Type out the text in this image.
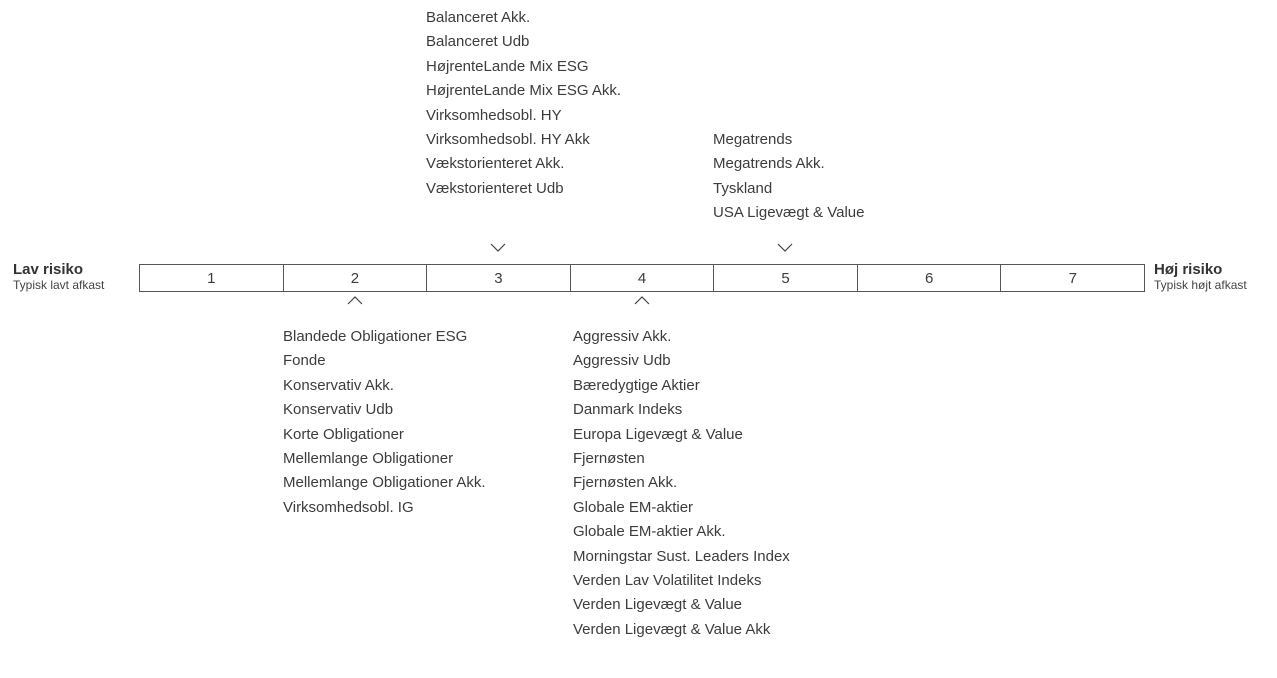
Balanceret Akk.
Balanceret Udb
HøjrenteLande Mix ESG
HøjrenteLande Mix ESG Akk.
Virksomhedsobl. HY
Virksomhedsobl. HY Akk
Vækstorienteret Akk.
Vækstorienteret Udb
Megatrends
Megatrends Akk.
Tyskland
USA Ligevægt & Value
Lav risiko
Typisk lavt afkast	1	2	3	4	5	6	7	Høj risiko
Typisk højt afkast
Blandede Obligationer ESG
Fonde
Konservativ Akk.
Konservativ Udb
Korte Obligationer
Mellemlange Obligationer
Mellemlange Obligationer Akk.
Virksomhedsobl. IG
Aggressiv Akk.
Aggressiv Udb
Bæredygtige Aktier
Danmark Indeks
Europa Ligevægt & Value
Fjernøsten
Fjernøsten Akk.
Globale EM-aktier
Globale EM-aktier Akk.
Morningstar Sust. Leaders Index
Verden Lav Volatilitet Indeks
Verden Ligevægt & Value
Verden Ligevægt & Value Akk
